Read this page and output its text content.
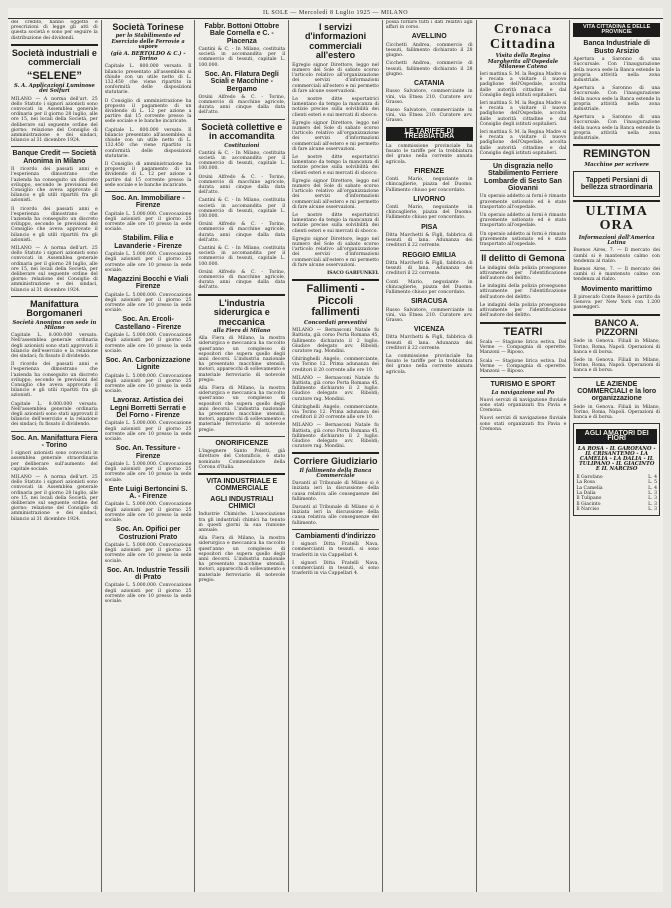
IL SOLE — Mercoledì 8 Luglio 1925 — MILANO
del credito, hanno oggetto e prescrizioni di legge gli atti di questa società e sono per seguire la distribuzione dei dividendi.
Società industriali e commerciali
“SELENE”
S. A. Applicazioni Luminose dei Solfuri
MILANO — A norma dell'art. 25 dello Statuto i signori azionisti sono convocati in Assemblea generale ordinaria per il giorno 28 luglio, alle ore 15, nei locali della Società, per deliberare sul seguente ordine del giorno: relazione del Consiglio di amministrazione e dei sindaci, bilancio al 31 dicembre 1924.
Banque Credit — Società Anonima in Milano
Il ricordo dei passati anni e l'esperienza dimostrano che l'azienda ha conseguito un discreto sviluppo, secondo le previsioni del Consiglio che aveva approvato il bilancio e gli utili ripartiti fra gli azionisti.
Il ricordo dei passati anni e l'esperienza dimostrano che l'azienda ha conseguito un discreto sviluppo, secondo le previsioni del Consiglio che aveva approvato il bilancio e gli utili ripartiti fra gli azionisti.
MILANO — A norma dell'art. 25 dello Statuto i signori azionisti sono convocati in Assemblea generale ordinaria per il giorno 28 luglio, alle ore 15, nei locali della Società, per deliberare sul seguente ordine del giorno: relazione del Consiglio di amministrazione e dei sindaci, bilancio al 31 dicembre 1924.
Manifattura Borgomaneri
Società Anonima con sede in Milano
Capitale L. 8.000.000 versato. Nell'assemblea generale ordinaria degli azionisti sono stati approvati il bilancio dell'esercizio e la relazione dei sindaci; fu fissato il dividendo.
Il ricordo dei passati anni e l'esperienza dimostrano che l'azienda ha conseguito un discreto sviluppo, secondo le previsioni del Consiglio che aveva approvato il bilancio e gli utili ripartiti fra gli azionisti.
Capitale L. 8.000.000 versato. Nell'assemblea generale ordinaria degli azionisti sono stati approvati il bilancio dell'esercizio e la relazione dei sindaci; fu fissato il dividendo.
Soc. An. Manifattura Fiera - Torino
I signori azionisti sono convocati in assemblea generale straordinaria per deliberare sull'aumento del capitale sociale.
MILANO — A norma dell'art. 25 dello Statuto i signori azionisti sono convocati in Assemblea generale ordinaria per il giorno 28 luglio, alle ore 15, nei locali della Società, per deliberare sul seguente ordine del giorno: relazione del Consiglio di amministrazione e dei sindaci, bilancio al 31 dicembre 1924.
Società Torinese
per lo Stabilimento ed Esercizio delle Ferrovie a vapore
(già A. BERTOLDO & C.) - Torino
Capitale L. 800.000 versato. Il bilancio presentato all'assemblea si chiude con un utile netto di L. 132.450 che viene ripartito in conformità delle disposizioni statutarie.
Il Consiglio di amministrazione ha proposto il pagamento di un dividendo di L. 12 per azione a partire dal 15 corrente presso la sede sociale e le banche incaricate.
Capitale L. 800.000 versato. Il bilancio presentato all'assemblea si chiude con un utile netto di L. 132.450 che viene ripartito in conformità delle disposizioni statutarie.
Il Consiglio di amministrazione ha proposto il pagamento di un dividendo di L. 12 per azione a partire dal 15 corrente presso la sede sociale e le banche incaricate.
Soc. An. Immobiliare - Firenze
Capitale L. 5.000.000. Convocazione degli azionisti per il giorno 25 corrente alle ore 10 presso la sede sociale.
Stabilim. Filia e Lavanderie - Firenze
Capitale L. 5.000.000. Convocazione degli azionisti per il giorno 25 corrente alle ore 10 presso la sede sociale.
Magazzini Bocchi e Viali Firenze
Capitale L. 5.000.000. Convocazione degli azionisti per il giorno 25 corrente alle ore 10 presso la sede sociale.
Soc. An. Ercoli-Castellano - Firenze
Capitale L. 5.000.000. Convocazione degli azionisti per il giorno 25 corrente alle ore 10 presso la sede sociale.
Soc. An. Carbonizzazione Lignite
Capitale L. 5.000.000. Convocazione degli azionisti per il giorno 25 corrente alle ore 10 presso la sede sociale.
Lavoraz. Artistica dei Legni Borretti Serrati e Del Forno - Firenze
Capitale L. 5.000.000. Convocazione degli azionisti per il giorno 25 corrente alle ore 10 presso la sede sociale.
Soc. An. Tessiture - Firenze
Capitale L. 5.000.000. Convocazione degli azionisti per il giorno 25 corrente alle ore 10 presso la sede sociale.
Ente Luigi Bertoncini S. A. - Firenze
Capitale L. 5.000.000. Convocazione degli azionisti per il giorno 25 corrente alle ore 10 presso la sede sociale.
Soc. An. Opifici per Costruzioni Prato
Capitale L. 5.000.000. Convocazione degli azionisti per il giorno 25 corrente alle ore 10 presso la sede sociale.
Soc. An. Industrie Tessili di Prato
Capitale L. 5.000.000. Convocazione degli azionisti per il giorno 25 corrente alle ore 10 presso la sede sociale.
Fabbr. Bottoni Ottobre Bale Cornella e C. - Piacenza
Cantini & C. - In Milano, costituita società in accomandita per il commercio di tessuti, capitale L. 100.000.
Soc. An. Filatura Degli Sciali e Macchine - Bergamo
Orsini Alfredo & C. - Torino, commercio di macchine agricole, durata anni cinque dalla data dell'atto.
Società collettive e in accomandita
Costituzioni
Cantini & C. - In Milano, costituita società in accomandita per il commercio di tessuti, capitale L. 100.000.
Orsini Alfredo & C. - Torino, commercio di macchine agricole, durata anni cinque dalla data dell'atto.
Cantini & C. - In Milano, costituita società in accomandita per il commercio di tessuti, capitale L. 100.000.
Orsini Alfredo & C. - Torino, commercio di macchine agricole, durata anni cinque dalla data dell'atto.
Cantini & C. - In Milano, costituita società in accomandita per il commercio di tessuti, capitale L. 100.000.
Orsini Alfredo & C. - Torino, commercio di macchine agricole, durata anni cinque dalla data dell'atto.
L'industria siderurgica e meccanica
alla Fiera di Milano
Alla Fiera di Milano, la mostra siderurgica e meccanica ha raccolto quest'anno un complesso di espositori che supera quello degli anni decorsi. L'industria nazionale ha presentato macchine utensili, motori, apparecchi di sollevamento e materiale ferroviario di notevole pregio.
Alla Fiera di Milano, la mostra siderurgica e meccanica ha raccolto quest'anno un complesso di espositori che supera quello degli anni decorsi. L'industria nazionale ha presentato macchine utensili, motori, apparecchi di sollevamento e materiale ferroviario di notevole pregio.
ONORIFICENZE
L'ingegnere Santo Poletti, già direttore del Cotonificio, è stato nominato Commendatore della Corona d'Italia.
VITA INDUSTRIALE E COMMERCIALE
AGLI INDUSTRIALI CHIMICI
Industrie Chimiche. L'associazione tra gli industriali chimici ha tenuto in questi giorni la sua riunione annuale.
Alla Fiera di Milano, la mostra siderurgica e meccanica ha raccolto quest'anno un complesso di espositori che supera quello degli anni decorsi. L'industria nazionale ha presentato macchine utensili, motori, apparecchi di sollevamento e materiale ferroviario di notevole pregio.
I servizi d'informazioni commerciali all'estero
Egregio signor Direttore, leggo nel numero del Sole di sabato scorso l'articolo relativo all'organizzazione dei servizi d'informazioni commerciali all'estero e mi permetto di fare alcune osservazioni.
Le nostre ditte esportatrici lamentano da tempo la mancanza di notizie precise sulla solvibilità dei clienti esteri e sui mercati di sbocco.
Egregio signor Direttore, leggo nel numero del Sole di sabato scorso l'articolo relativo all'organizzazione dei servizi d'informazioni commerciali all'estero e mi permetto di fare alcune osservazioni.
Le nostre ditte esportatrici lamentano da tempo la mancanza di notizie precise sulla solvibilità dei clienti esteri e sui mercati di sbocco.
Egregio signor Direttore, leggo nel numero del Sole di sabato scorso l'articolo relativo all'organizzazione dei servizi d'informazioni commerciali all'estero e mi permetto di fare alcune osservazioni.
Le nostre ditte esportatrici lamentano da tempo la mancanza di notizie precise sulla solvibilità dei clienti esteri e sui mercati di sbocco.
Egregio signor Direttore, leggo nel numero del Sole di sabato scorso l'articolo relativo all'organizzazione dei servizi d'informazioni commerciali all'estero e mi permetto di fare alcune osservazioni.
ISACO GARFUNKEL
Fallimenti - Piccoli fallimenti
Concordati preventivi
MILANO — Bernasconi Natale fu Battista, già corso Porta Romana 45, fallimento dichiarato il 2 luglio. Giudice delegato avv. Riboldi; curatore rag. Mondini.
Ghiringhelli Angelo, commerciante, via Torino 12. Prima adunanza dei creditori il 20 corrente alle ore 10.
MILANO — Bernasconi Natale fu Battista, già corso Porta Romana 45, fallimento dichiarato il 2 luglio. Giudice delegato avv. Riboldi; curatore rag. Mondini.
Ghiringhelli Angelo, commerciante, via Torino 12. Prima adunanza dei creditori il 20 corrente alle ore 10.
MILANO — Bernasconi Natale fu Battista, già corso Porta Romana 45, fallimento dichiarato il 2 luglio. Giudice delegato avv. Riboldi; curatore rag. Mondini.
Corriere Giudiziario
Il fallimento della Banca Commerciale
Davanti al Tribunale di Milano si è iniziata ieri la discussione della causa relativa alle conseguenze del fallimento.
Davanti al Tribunale di Milano si è iniziata ieri la discussione della causa relativa alle conseguenze del fallimento.
Cambiamenti d'indirizzo
I signori Ditta Fratelli Nava, commercianti in tessuti, si sono trasferiti in via Cappellari 4.
I signori Ditta Fratelli Nava, commercianti in tessuti, si sono trasferiti in via Cappellari 4.
possa fornire tutti i dati relativi agli affari in corso.
AVELLINO
Cicchetti Andrea, commercio di tessuti, fallimento dichiarato il 28 giugno.
Cicchetti Andrea, commercio di tessuti, fallimento dichiarato il 28 giugno.
CATANIA
Russo Salvatore, commerciante in vini, via Etnea 210. Curatore avv. Grasso.
Russo Salvatore, commerciante in vini, via Etnea 210. Curatore avv. Grasso.
LE TARIFFE DI TREBBIATURA
La commissione provinciale ha fissato le tariffe per la trebbiatura del grano nella corrente annata agricola.
FIRENZE
Conti Mario, negoziante in chincaglierie, piazza del Duomo. Fallimento chiuso per concordato.
LIVORNO
Conti Mario, negoziante in chincaglierie, piazza del Duomo. Fallimento chiuso per concordato.
PISA
Ditta Marchetti & Figli, fabbrica di tessuti di lana. Adunanza dei creditori il 22 corrente.
REGGIO EMILIA
Ditta Marchetti & Figli, fabbrica di tessuti di lana. Adunanza dei creditori il 22 corrente.
Conti Mario, negoziante in chincaglierie, piazza del Duomo. Fallimento chiuso per concordato.
SIRACUSA
Russo Salvatore, commerciante in vini, via Etnea 210. Curatore avv. Grasso.
VICENZA
Ditta Marchetti & Figli, fabbrica di tessuti di lana. Adunanza dei creditori il 22 corrente.
La commissione provinciale ha fissato le tariffe per la trebbiatura del grano nella corrente annata agricola.
Cronaca Cittadina
Visita della Regina Margherita all'Ospedale Milanese Catena
Ieri mattina S. M. la Regina Madre si è recata a visitare il nuovo padiglione dell'Ospedale, accolta dalle autorità cittadine e dal Consiglio degli istituti ospitalieri.
Ieri mattina S. M. la Regina Madre si è recata a visitare il nuovo padiglione dell'Ospedale, accolta dalle autorità cittadine e dal Consiglio degli istituti ospitalieri.
Ieri mattina S. M. la Regina Madre si è recata a visitare il nuovo padiglione dell'Ospedale, accolta dalle autorità cittadine e dal Consiglio degli istituti ospitalieri.
Un disgrazia nello Stabilimento Ferriere Lombarde di Sesto San Giovanni
Un operaio addetto ai forni è rimasto gravemente ustionato ed è stato trasportato all'ospedale.
Un operaio addetto ai forni è rimasto gravemente ustionato ed è stato trasportato all'ospedale.
Un operaio addetto ai forni è rimasto gravemente ustionato ed è stato trasportato all'ospedale.
Il delitto di Gemona
Le indagini della polizia proseguono attivamente per l'identificazione dell'autore del delitto.
Le indagini della polizia proseguono attivamente per l'identificazione dell'autore del delitto.
Le indagini della polizia proseguono attivamente per l'identificazione dell'autore del delitto.
TEATRI
Scala — Stagione lirica estiva. Dal Verme — Compagnia di operette. Manzoni — Riposo.
Scala — Stagione lirica estiva. Dal Verme — Compagnia di operette. Manzoni — Riposo.
TURISMO E SPORT
La navigazione sul Po
Nuovi servizi di navigazione fluviale sono stati organizzati fra Pavia e Cremona.
Nuovi servizi di navigazione fluviale sono stati organizzati fra Pavia e Cremona.
VITA CITTADINA E DELLE PROVINCIE
Banca Industriale di Busto Arsizio
Apertura a Saronno di una Succursale. Con l'inaugurazione della nuova sede la Banca estende la propria attività nella zona industriale.
Apertura a Saronno di una Succursale. Con l'inaugurazione della nuova sede la Banca estende la propria attività nella zona industriale.
Apertura a Saronno di una Succursale. Con l'inaugurazione della nuova sede la Banca estende la propria attività nella zona industriale.
REMINGTON
Macchine per scrivere
Tappeti Persiani di bellezza straordinaria
ULTIMA ORA
Informazioni dall'America Latina
Buenos Aires, 7. — Il mercato dei cambi si è mantenuto calmo con tendenza al rialzo.
Buenos Aires, 7. — Il mercato dei cambi si è mantenuto calmo con tendenza al rialzo.
Movimento marittimo
Il piroscafo Conte Rosso è partito da Genova per New York con 1.200 passeggeri.
BANCO A. PIZZORNI
Sede in Genova. Filiali in Milano, Torino, Roma, Napoli. Operazioni di banca e di borsa.
Sede in Genova. Filiali in Milano, Torino, Roma, Napoli. Operazioni di banca e di borsa.
LE AZIENDE COMMERCIALI e la loro organizzazione
Sede in Genova. Filiali in Milano, Torino, Roma, Napoli. Operazioni di banca e di borsa.
AGLI AMATORI DEI FIORI
LA ROSA - IL GAROFANO - IL CRISANTEMO - LA CAMELIA - LA DALIA - IL TULIPANO - IL GIACINTO E IL NARCISO
Il Garofano	L. 4
La Rosa	L. 5
La Camelia	L. 4
La Dalia	L. 3
Il Tulipano	L. 3
Il Giacinto	L. 3
Il Narciso	L. 3
